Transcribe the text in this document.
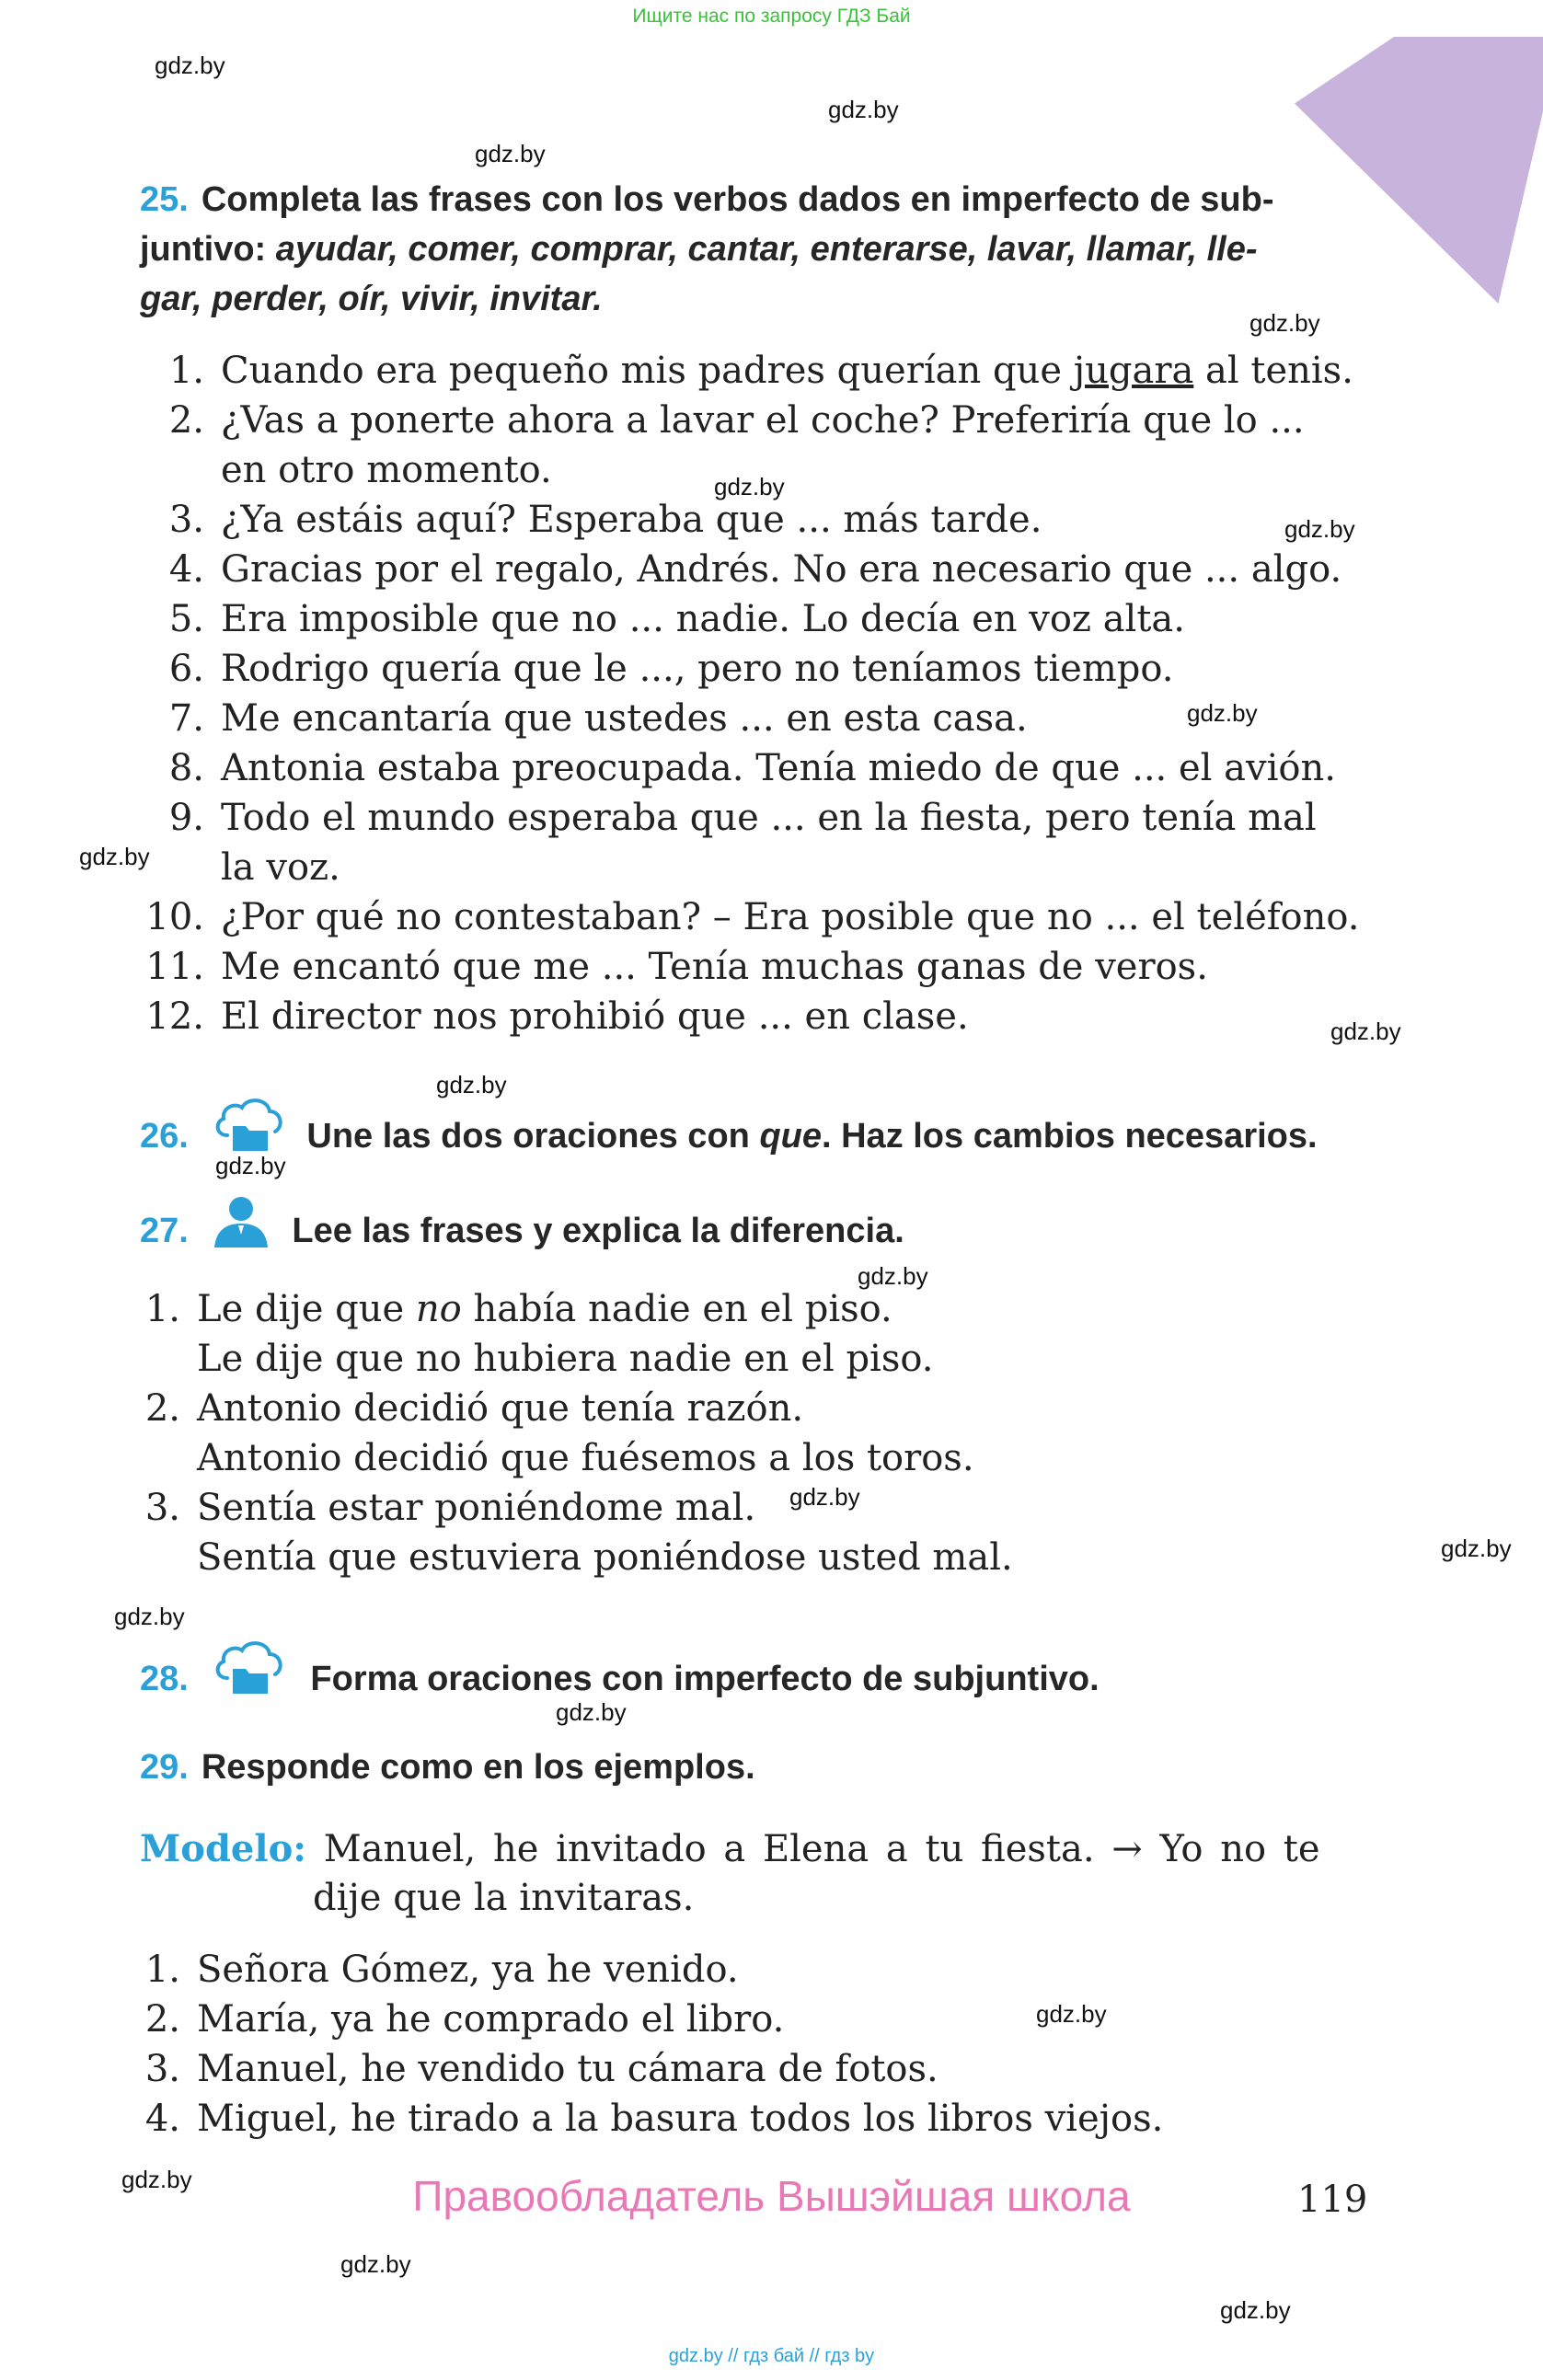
Ищите нас по запросу ГДЗ Бай
gdz.by
gdz.by
gdz.by
gdz.by
gdz.by
gdz.by
gdz.by
gdz.by
gdz.by
gdz.by
gdz.by
gdz.by
gdz.by
gdz.by
gdz.by
gdz.by
gdz.by
gdz.by
gdz.by
gdz.by
25. Completa las frases con los verbos dados en imperfecto de sub-
juntivo: ayudar, comer, comprar, cantar, enterarse, lavar, llamar, lle-
gar, perder, oír, vivir, invitar.
1. Cuando era pequeño mis padres querían que jugara al tenis.
2. ¿Vas a ponerte ahora a lavar el coche? Preferiría que lo ...
en otro momento.
3. ¿Ya estáis aquí? Esperaba que ... más tarde.
4. Gracias por el regalo, Andrés. No era necesario que ... algo.
5. Era imposible que no ... nadie. Lo decía en voz alta.
6. Rodrigo quería que le ..., pero no teníamos tiempo.
7. Me encantaría que ustedes ... en esta casa.
8. Antonia estaba preocupada. Tenía miedo de que ... el avión.
9. Todo el mundo esperaba que ... en la fiesta, pero tenía mal
la voz.
10. ¿Por qué no contestaban? – Era posible que no ... el teléfono.
11. Me encantó que me ... Tenía muchas ganas de veros.
12. El director nos prohibió que ... en clase.
26.	Une las dos oraciones con que. Haz los cambios necesarios.
27.	Lee las frases y explica la diferencia.
1. Le dije que no había nadie en el piso.
Le dije que no hubiera nadie en el piso.
2. Antonio decidió que tenía razón.
Antonio decidió que fuésemos a los toros.
3. Sentía estar poniéndome mal.
Sentía que estuviera poniéndose usted mal.
28.	Forma oraciones con imperfecto de subjuntivo.
29. Responde como en los ejemplos.
Modelo: Manuel, he invitado a Elena a tu fiesta. → Yo no te
dije que la invitaras.
1. Señora Gómez, ya he venido.
2. María, ya he comprado el libro.
3. Manuel, he vendido tu cámara de fotos.
4. Miguel, he tirado a la basura todos los libros viejos.
Правообладатель Вышэйшая школа	119
gdz.by // гдз бай // гдз by
